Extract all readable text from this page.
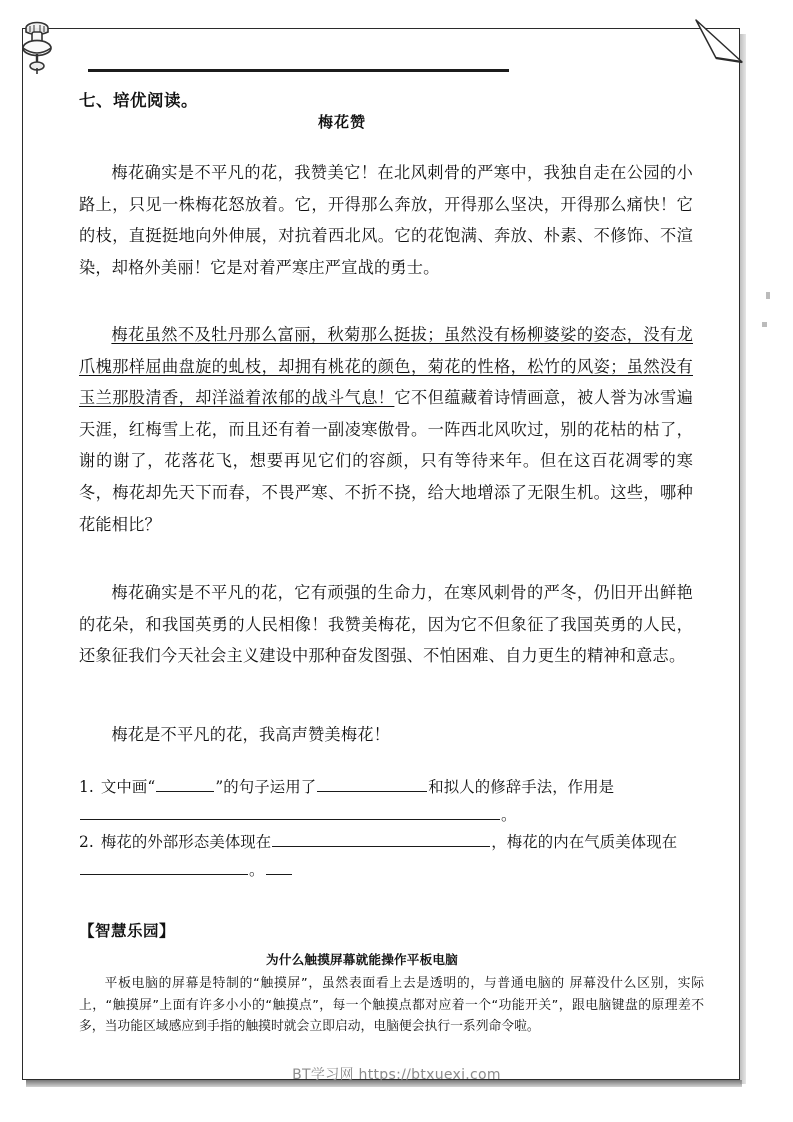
七、培优阅读。
梅花赞

梅花确实是不平凡的花，我赞美它！在北风刺骨的严寒中，我独自走在公园的小路上，只见一株梅花怒放着。它，开得那么奔放，开得那么坚决，开得那么痛快！它的枝，直挺挺地向外伸展，对抗着西北风。它的花饱满、奔放、朴素、不修饰、不渲染，却格外美丽！它是对着严寒庄严宣战的勇士。

梅花虽然不及牡丹那么富丽，秋菊那么挺拔；虽然没有杨柳婆娑的姿态，没有龙爪槐那样屈曲盘旋的虬枝，却拥有桃花的颜色，菊花的性格，松竹的风姿；虽然没有玉兰那股清香，却洋溢着浓郁的战斗气息！它不但蕴藏着诗情画意，被人誉为冰雪遍天涯，红梅雪上花，而且还有着一副凌寒傲骨。一阵西北风吹过，别的花枯的枯了，谢的谢了，花落花飞，想要再见它们的容颜，只有等待来年。但在这百花凋零的寒冬，梅花却先天下而春，不畏严寒、不折不挠，给大地增添了无限生机。这些，哪种花能相比？

梅花确实是不平凡的花，它有顽强的生命力，在寒风刺骨的严冬，仍旧开出鲜艳的花朵，和我国英勇的人民相像！我赞美梅花，因为它不但象征了我国英勇的人民，还象征我们今天社会主义建设中那种奋发图强、不怕困难、自力更生的精神和意志。

梅花是不平凡的花，我高声赞美梅花！

1. 文中画“	”的句子运用了	和拟人的修辞手法，作用是。

2. 梅花的外部形态美体现在	，梅花的内在气质美体现在。

【智慧乐园】
为什么触摸屏幕就能操作平板电脑

平板电脑的屏幕是特制的“触摸屏”，虽然表面看上去是透明的，与普通电脑的 屏幕没什么区别，实际上，“触摸屏”上面有许多小小的“触摸点”，每一个触摸点都对应着一个“功能开关”，跟电脑键盘的原理差不多，当功能区域感应到手指的触摸时就会立即启动，电脑便会执行一系列命令啦。

BT学习网 https://btxuexi.com
